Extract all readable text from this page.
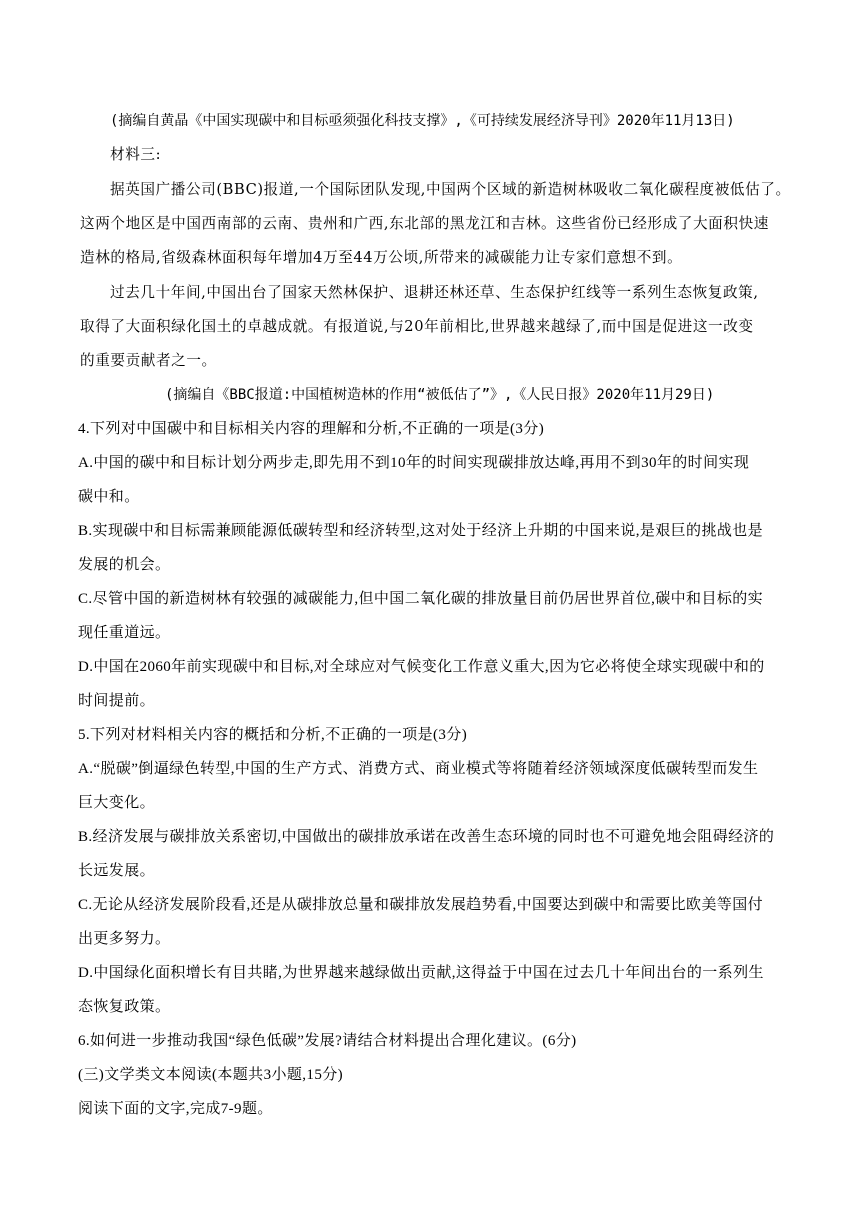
(摘编自黄晶《中国实现碳中和目标亟须强化科技支撑》,《可持续发展经济导刊》2020年11月13日)
材料三:
据英国广播公司(BBC)报道,一个国际团队发现,中国两个区域的新造树林吸收二氧化碳程度被低估了。
这两个地区是中国西南部的云南、贵州和广西,东北部的黑龙江和吉林。这些省份已经形成了大面积快速
造林的格局,省级森林面积每年增加4万至44万公顷,所带来的减碳能力让专家们意想不到。
过去几十年间,中国出台了国家天然林保护、退耕还林还草、生态保护红线等一系列生态恢复政策,
取得了大面积绿化国土的卓越成就。有报道说,与20年前相比,世界越来越绿了,而中国是促进这一改变
的重要贡献者之一。
(摘编自《BBC报道:中国植树造林的作用“被低估了”》,《人民日报》2020年11月29日)
4.下列对中国碳中和目标相关内容的理解和分析,不正确的一项是(3分)
A.中国的碳中和目标计划分两步走,即先用不到10年的时间实现碳排放达峰,再用不到30年的时间实现
碳中和。
B.实现碳中和目标需兼顾能源低碳转型和经济转型,这对处于经济上升期的中国来说,是艰巨的挑战也是
发展的机会。
C.尽管中国的新造树林有较强的减碳能力,但中国二氧化碳的排放量目前仍居世界首位,碳中和目标的实
现任重道远。
D.中国在2060年前实现碳中和目标,对全球应对气候变化工作意义重大,因为它必将使全球实现碳中和的
时间提前。
5.下列对材料相关内容的概括和分析,不正确的一项是(3分)
A.“脱碳”倒逼绿色转型,中国的生产方式、消费方式、商业模式等将随着经济领域深度低碳转型而发生
巨大变化。
B.经济发展与碳排放关系密切,中国做出的碳排放承诺在改善生态环境的同时也不可避免地会阻碍经济的
长远发展。
C.无论从经济发展阶段看,还是从碳排放总量和碳排放发展趋势看,中国要达到碳中和需要比欧美等国付
出更多努力。
D.中国绿化面积增长有目共睹,为世界越来越绿做出贡献,这得益于中国在过去几十年间出台的一系列生
态恢复政策。
6.如何进一步推动我国“绿色低碳”发展?请结合材料提出合理化建议。(6分)
(三)文学类文本阅读(本题共3小题,15分)
阅读下面的文字,完成7-9题。
